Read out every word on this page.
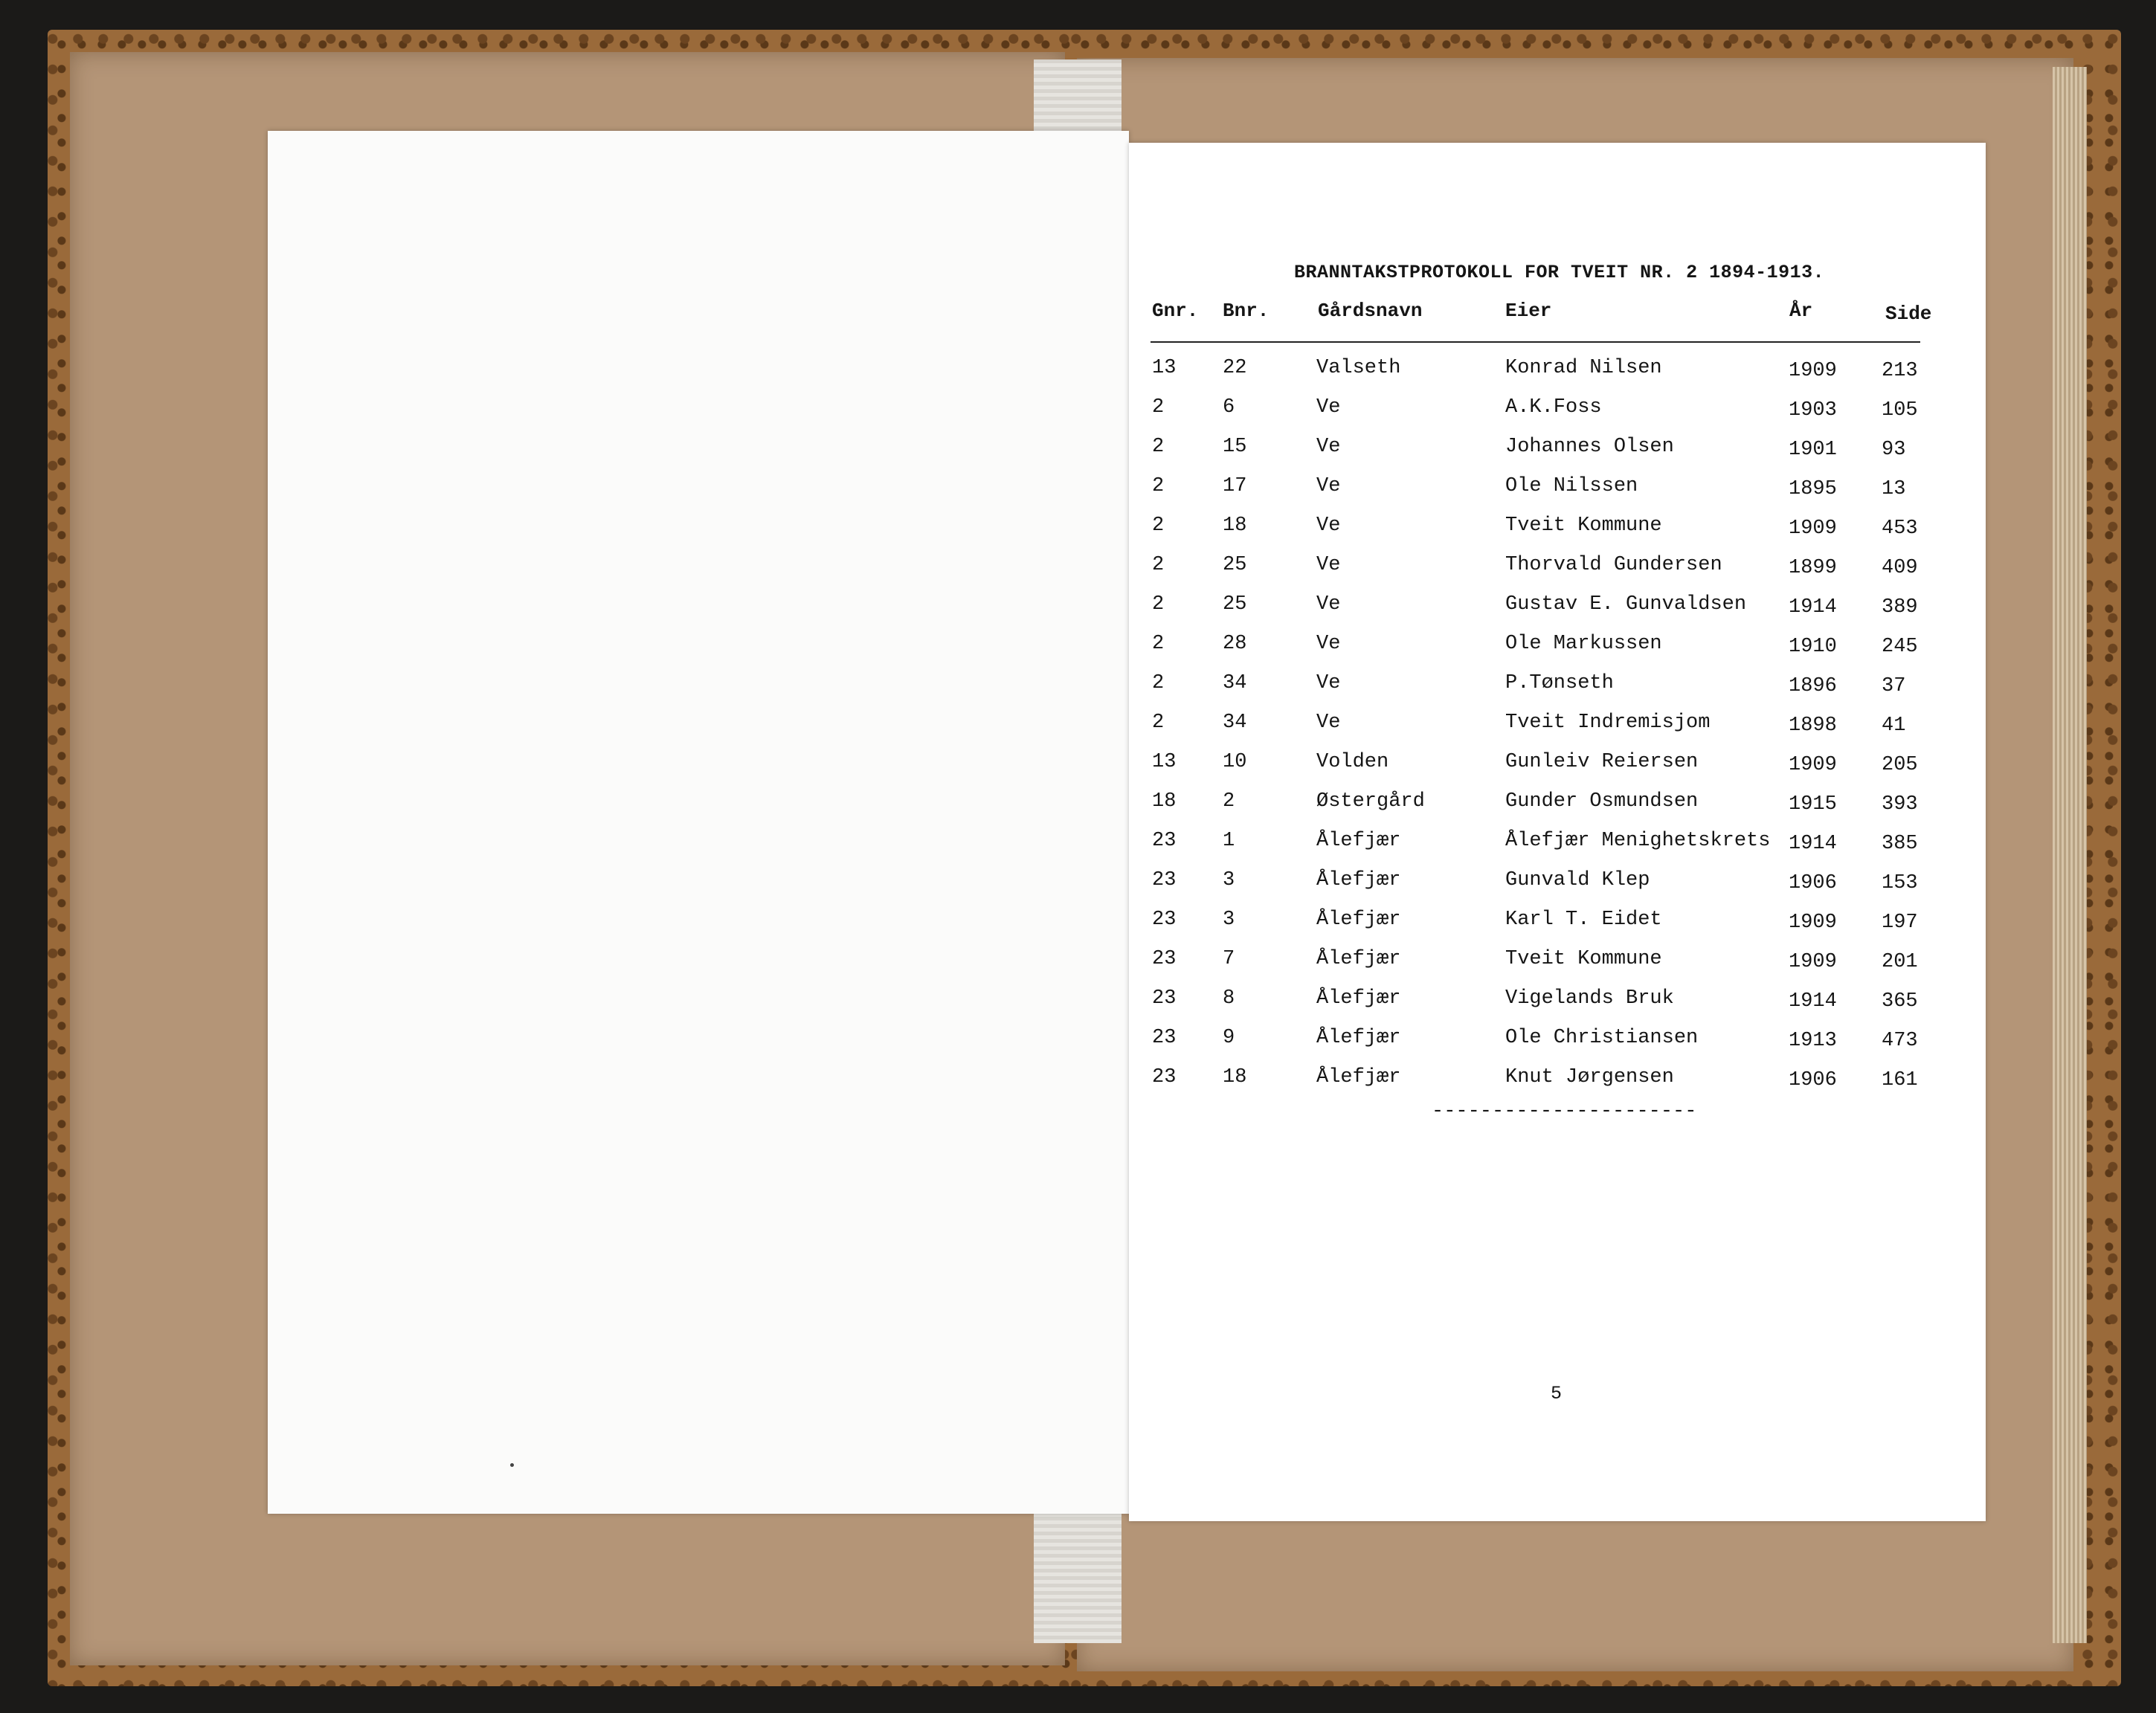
BRANNTAKSTPROTOKOLL FOR TVEIT NR. 2 1894-1913.
Gnr. Bnr.	Gårdsnavn	Eier	År	Side
13 22	Valseth	Konrad Nilsen	1909 213
2	6	Ve	A.K.Foss	1903 105
2	15	Ve	Johannes Olsen	1901 93
2	17	Ve	Ole Nilssen	1895 13
2	18	Ve	Tveit Kommune	1909 453
2	25	Ve	Thorvald Gundersen	1899 409
2	25	Ve	Gustav E. Gunvaldsen 1914 389
2	28	Ve	Ole Markussen	1910 245
2	34	Ve	P.Tønseth	1896 37
2	34	Ve	Tveit Indremisjom	1898 41
13 10	Volden	Gunleiv Reiersen	1909 205
18 2	Østergård	Gunder Osmundsen	1915 393
23 1	Ålefjær	Ålefjær Menighetskrets 1914 385
23 3	Ålefjær	Gunvald Klep	1906 153
23 3	Ålefjær	Karl T. Eidet	1909 197
23 7	Ålefjær	Tveit Kommune	1909 201
23 8	Ålefjær	Vigelands Bruk	1914 365
23 9	Ålefjær	Ole Christiansen	1913 473
23 18	Ålefjær	Knut Jørgensen	1906 161
----------------------
5
